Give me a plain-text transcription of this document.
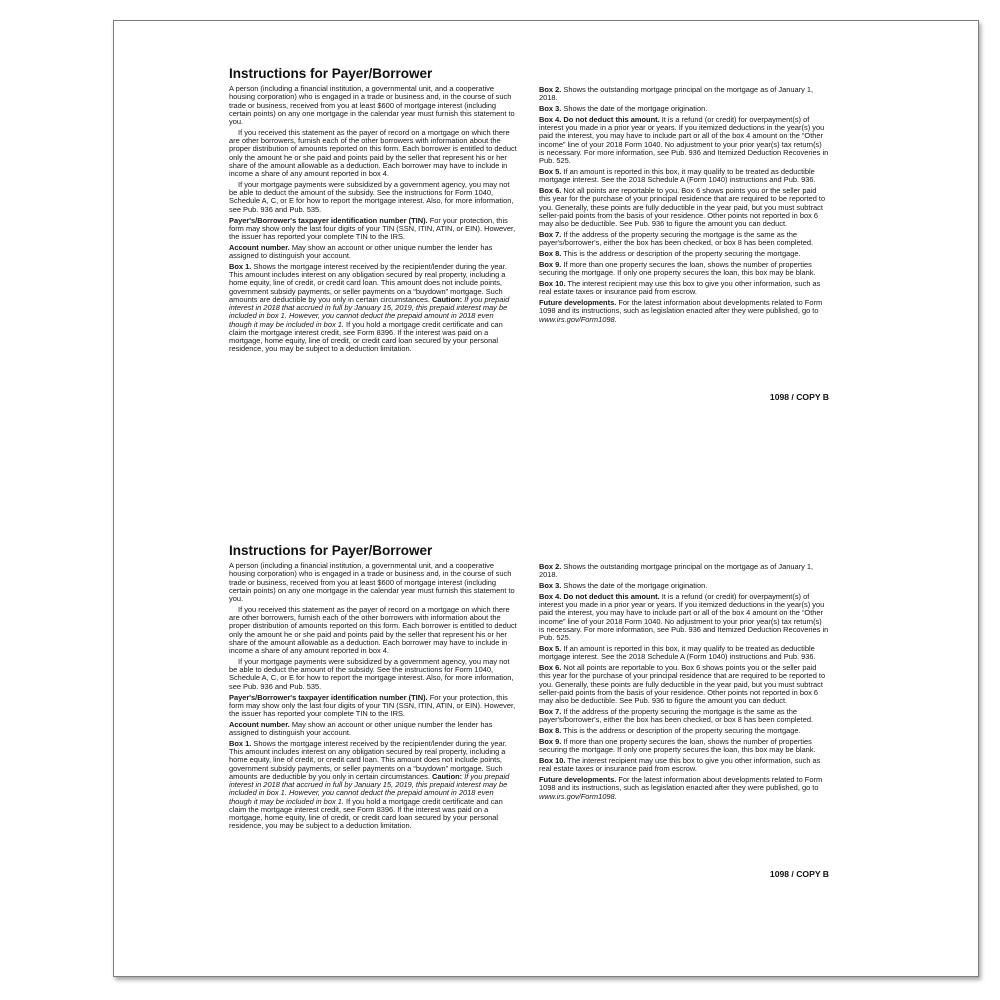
Instructions for Payer/Borrower

A person (including a financial institution, a governmental unit, and a cooperative housing corporation) who is engaged in a trade or business and, in the course of such trade or business, received from you at least $600 of mortgage interest (including certain points) on any one mortgage in the calendar year must furnish this statement to you.

If you received this statement as the payer of record on a mortgage on which there are other borrowers, furnish each of the other borrowers with information about the proper distribution of amounts reported on this form. Each borrower is entitled to deduct only the amount he or she paid and points paid by the seller that represent his or her share of the amount allowable as a deduction. Each borrower may have to include in income a share of any amount reported in box 4.

If your mortgage payments were subsidized by a government agency, you may not be able to deduct the amount of the subsidy. See the instructions for Form 1040, Schedule A, C, or E for how to report the mortgage interest. Also, for more information, see Pub. 936 and Pub. 535.

Payer's/Borrower's taxpayer identification number (TIN). For your protection, this form may show only the last four digits of your TIN (SSN, ITIN, ATIN, or EIN). However, the issuer has reported your complete TIN to the IRS.

Account number. May show an account or other unique number the lender has assigned to distinguish your account.

Box 1. Shows the mortgage interest received by the recipient/lender during the year. This amount includes interest on any obligation secured by real property, including a home equity, line of credit, or credit card loan. This amount does not include points, government subsidy payments, or seller payments on a “buydown” mortgage. Such amounts are deductible by you only in certain circumstances. Caution: If you prepaid interest in 2018 that accrued in full by January 15, 2019, this prepaid interest may be included in box 1. However, you cannot deduct the prepaid amount in 2018 even though it may be included in box 1. If you hold a mortgage credit certificate and can claim the mortgage interest credit, see Form 8396. If the interest was paid on a mortgage, home equity, line of credit, or credit card loan secured by your personal residence, you may be subject to a deduction limitation.

Box 2. Shows the outstanding mortgage principal on the mortgage as of January 1, 2018.

Box 3. Shows the date of the mortgage origination.

Box 4. Do not deduct this amount. It is a refund (or credit) for overpayment(s) of interest you made in a prior year or years. If you itemized deductions in the year(s) you paid the interest, you may have to include part or all of the box 4 amount on the “Other income” line of your 2018 Form 1040. No adjustment to your prior year(s) tax return(s) is necessary. For more information, see Pub. 936 and Itemized Deduction Recoveries in Pub. 525.

Box 5. If an amount is reported in this box, it may qualify to be treated as deductible mortgage interest. See the 2018 Schedule A (Form 1040) instructions and Pub. 936.

Box 6. Not all points are reportable to you. Box 6 shows points you or the seller paid this year for the purchase of your principal residence that are required to be reported to you. Generally, these points are fully deductible in the year paid, but you must subtract seller-paid points from the basis of your residence. Other points not reported in box 6 may also be deductible. See Pub. 936 to figure the amount you can deduct.

Box 7. If the address of the property securing the mortgage is the same as the payer's/borrower's, either the box has been checked, or box 8 has been completed.

Box 8. This is the address or description of the property securing the mortgage.

Box 9. If more than one property secures the loan, shows the number of properties securing the mortgage. If only one property secures the loan, this box may be blank.

Box 10. The interest recipient may use this box to give you other information, such as real estate taxes or insurance paid from escrow.

Future developments. For the latest information about developments related to Form 1098 and its instructions, such as legislation enacted after they were published, go to www.irs.gov/Form1098.

1098 / COPY B
Instructions for Payer/Borrower

A person (including a financial institution, a governmental unit, and a cooperative housing corporation) who is engaged in a trade or business and, in the course of such trade or business, received from you at least $600 of mortgage interest (including certain points) on any one mortgage in the calendar year must furnish this statement to you.

If you received this statement as the payer of record on a mortgage on which there are other borrowers, furnish each of the other borrowers with information about the proper distribution of amounts reported on this form. Each borrower is entitled to deduct only the amount he or she paid and points paid by the seller that represent his or her share of the amount allowable as a deduction. Each borrower may have to include in income a share of any amount reported in box 4.

If your mortgage payments were subsidized by a government agency, you may not be able to deduct the amount of the subsidy. See the instructions for Form 1040, Schedule A, C, or E for how to report the mortgage interest. Also, for more information, see Pub. 936 and Pub. 535.

Payer's/Borrower's taxpayer identification number (TIN). For your protection, this form may show only the last four digits of your TIN (SSN, ITIN, ATIN, or EIN). However, the issuer has reported your complete TIN to the IRS.

Account number. May show an account or other unique number the lender has assigned to distinguish your account.

Box 1. Shows the mortgage interest received by the recipient/lender during the year. This amount includes interest on any obligation secured by real property, including a home equity, line of credit, or credit card loan. This amount does not include points, government subsidy payments, or seller payments on a “buydown” mortgage. Such amounts are deductible by you only in certain circumstances. Caution: If you prepaid interest in 2018 that accrued in full by January 15, 2019, this prepaid interest may be included in box 1. However, you cannot deduct the prepaid amount in 2018 even though it may be included in box 1. If you hold a mortgage credit certificate and can claim the mortgage interest credit, see Form 8396. If the interest was paid on a mortgage, home equity, line of credit, or credit card loan secured by your personal residence, you may be subject to a deduction limitation.

Box 2. Shows the outstanding mortgage principal on the mortgage as of January 1, 2018.

Box 3. Shows the date of the mortgage origination.

Box 4. Do not deduct this amount. It is a refund (or credit) for overpayment(s) of interest you made in a prior year or years. If you itemized deductions in the year(s) you paid the interest, you may have to include part or all of the box 4 amount on the “Other income” line of your 2018 Form 1040. No adjustment to your prior year(s) tax return(s) is necessary. For more information, see Pub. 936 and Itemized Deduction Recoveries in Pub. 525.

Box 5. If an amount is reported in this box, it may qualify to be treated as deductible mortgage interest. See the 2018 Schedule A (Form 1040) instructions and Pub. 936.

Box 6. Not all points are reportable to you. Box 6 shows points you or the seller paid this year for the purchase of your principal residence that are required to be reported to you. Generally, these points are fully deductible in the year paid, but you must subtract seller-paid points from the basis of your residence. Other points not reported in box 6 may also be deductible. See Pub. 936 to figure the amount you can deduct.

Box 7. If the address of the property securing the mortgage is the same as the payer's/borrower's, either the box has been checked, or box 8 has been completed.

Box 8. This is the address or description of the property securing the mortgage.

Box 9. If more than one property secures the loan, shows the number of properties securing the mortgage. If only one property secures the loan, this box may be blank.

Box 10. The interest recipient may use this box to give you other information, such as real estate taxes or insurance paid from escrow.

Future developments. For the latest information about developments related to Form 1098 and its instructions, such as legislation enacted after they were published, go to www.irs.gov/Form1098.

1098 / COPY B
